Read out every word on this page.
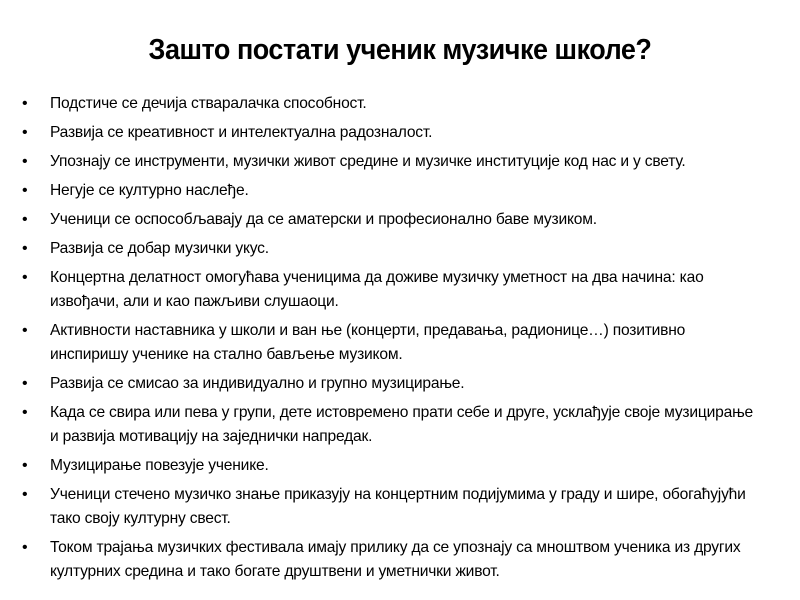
Зашто постати ученик музичке школе?
• Подстиче се дечија стваралачка способност.
• Развија се креативност и интелектуална радозналост.
• Упознају се инструменти, музички живот средине и музичке институције код нас и у свету.
• Негује се културно наслеђе.
• Ученици се оспособљавају да се аматерски и професионално баве музиком.
• Развија се добар музички укус.
• Концертна делатност омогућава ученицима да доживе музичку уметност на два начина: као извођачи, али и као пажљиви слушаоци.
• Активности наставника у школи и ван ње (концерти, предавања, радионице…) позитивно инспиришу ученике на стално бављење музиком.
• Развија се смисао за индивидуално и групно музицирање.
• Када се свира или пева у групи, дете истовремено прати себе и друге, усклађује своје музицирање и развија мотивацију на заједнички напредак.
• Музицирање повезује ученике.
• Ученици стечено музичко знање приказују на концертним подијумима у граду и шире, обогаћујући тако своју културну свест.
• Током трајања музичких фестивала имају прилику да се упознају са мноштвом ученика из других културних средина и тако богате друштвени и уметнички живот.
